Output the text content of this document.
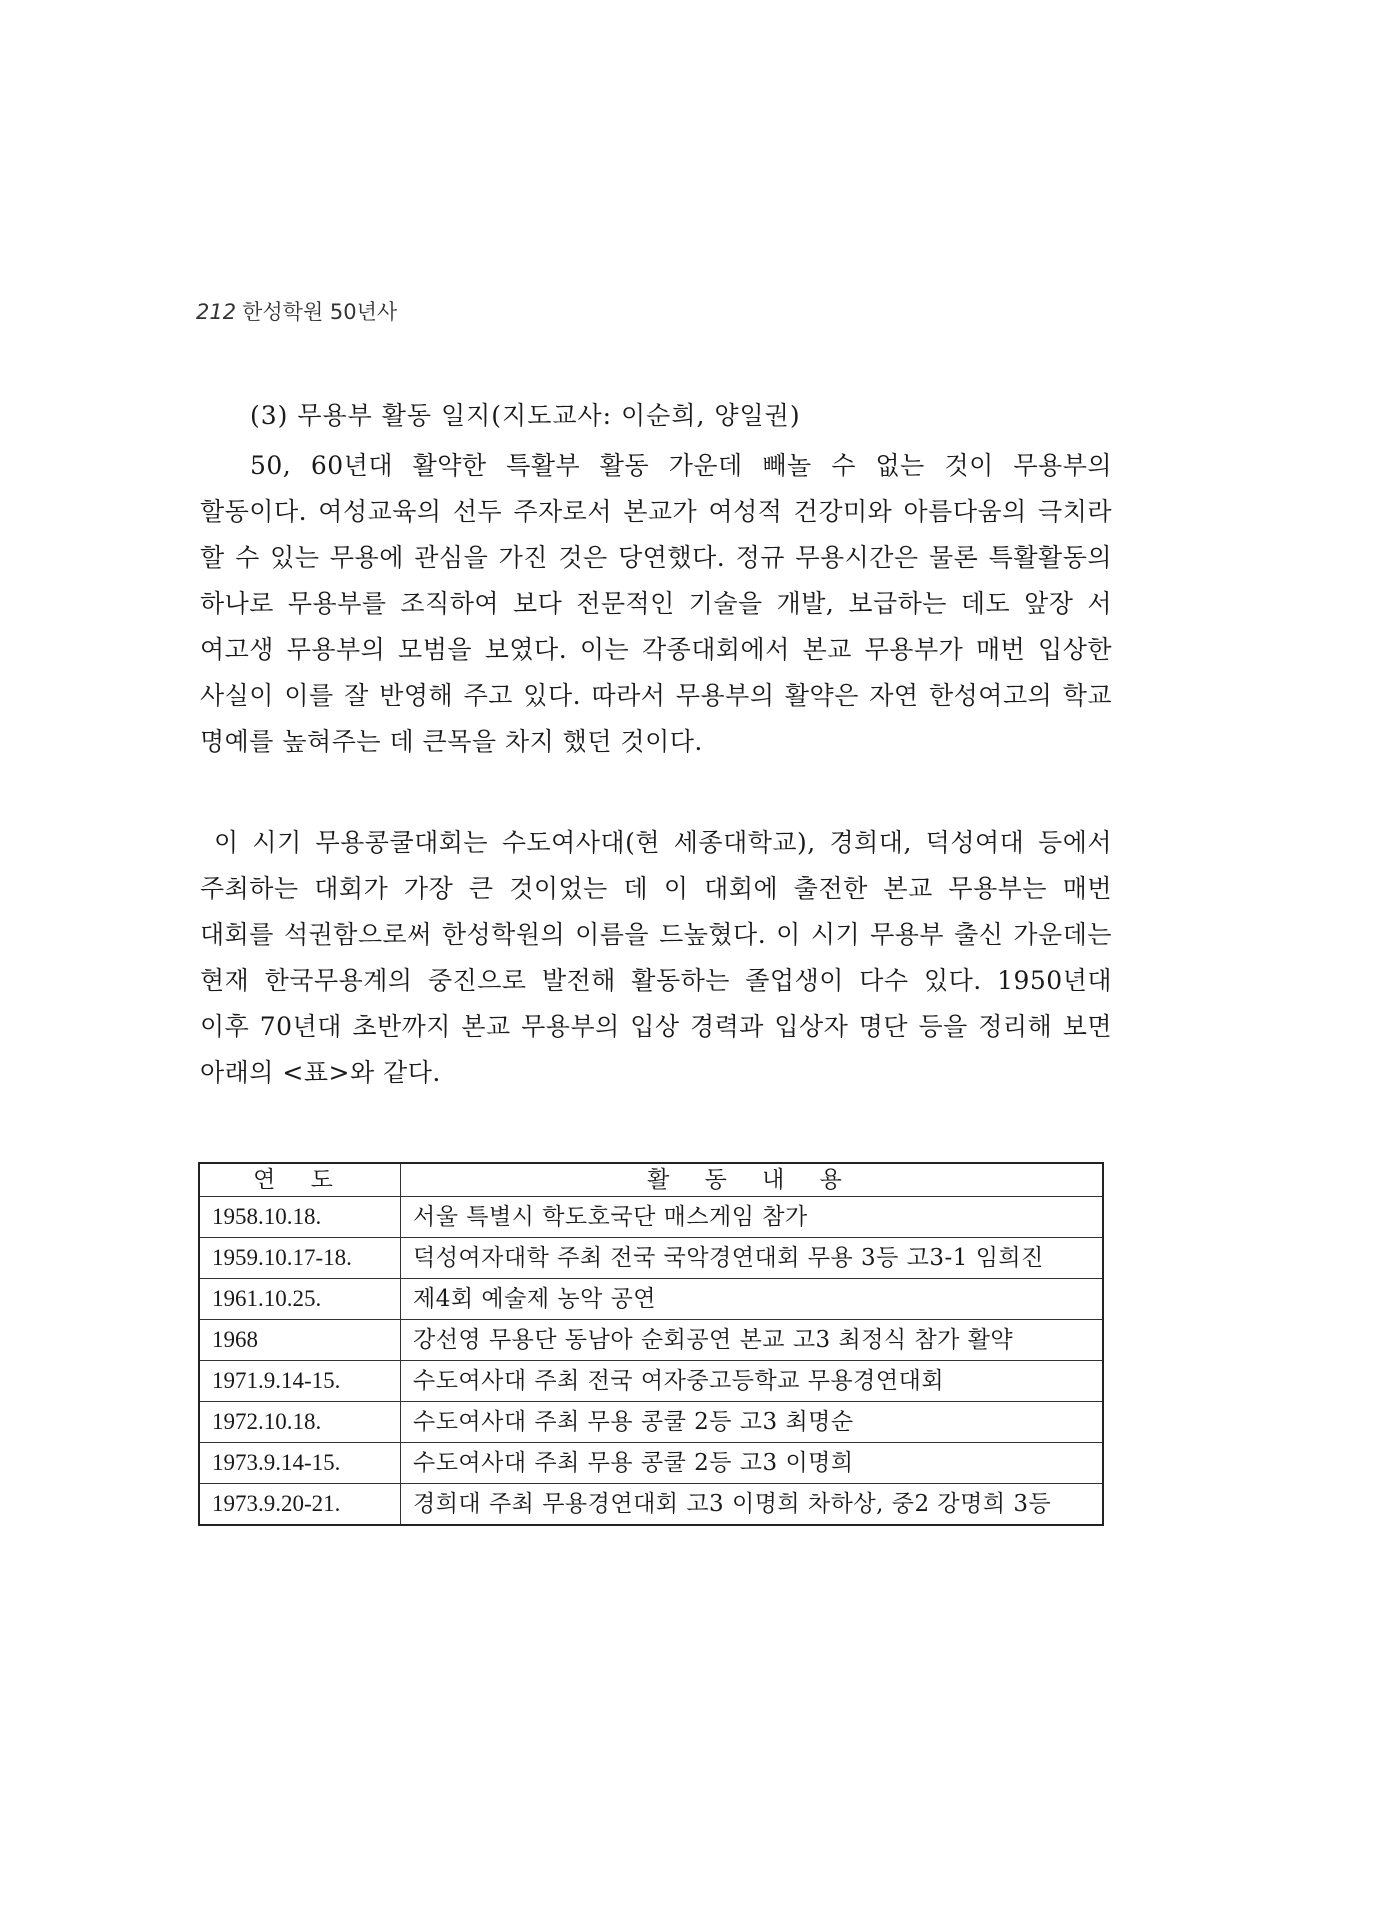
212 한성학원 50년사
(3) 무용부 활동 일지(지도교사: 이순희, 양일권)
50, 60년대 활약한 특활부 활동 가운데 빼놀 수 없는 것이 무용부의 할동이다. 여성교육의 선두 주자로서 본교가 여성적 건강미와 아름다움의 극치라 할 수 있는 무용에 관심을 가진 것은 당연했다. 정규 무용시간은 물론 특활활동의 하나로 무용부를 조직하여 보다 전문적인 기술을 개발, 보급하는 데도 앞장 서 여고생 무용부의 모범을 보였다. 이는 각종대회에서 본교 무용부가 매번 입상한 사실이 이를 잘 반영해 주고 있다. 따라서 무용부의 활약은 자연 한성여고의 학교 명예를 높혀주는 데 큰목을 차지 했던 것이다.
이 시기 무용콩쿨대회는 수도여사대(현 세종대학교), 경희대, 덕성여대 등에서 주최하는 대회가 가장 큰 것이었는 데 이 대회에 출전한 본교 무용부는 매번 대회를 석권함으로써 한성학원의 이름을 드높혔다. 이 시기 무용부 출신 가운데는 현재 한국무용계의 중진으로 발전해 활동하는 졸업생이 다수 있다. 1950년대 이후 70년대 초반까지 본교 무용부의 입상 경력과 입상자 명단 등을 정리해 보면 아래의 <표>와 같다.
연 도	활 동 내 용
1958.10.18.	서울 특별시 학도호국단 매스게임 참가
1959.10.17-18.	덕성여자대학 주최 전국 국악경연대회 무용 3등 고3-1 임희진
1961.10.25.	제4회 예술제 농악 공연
1968	강선영 무용단 동남아 순회공연 본교 고3 최정식 참가 활약
1971.9.14-15.	수도여사대 주최 전국 여자중고등학교 무용경연대회
1972.10.18.	수도여사대 주최 무용 콩쿨 2등 고3 최명순
1973.9.14-15.	수도여사대 주최 무용 콩쿨 2등 고3 이명희
1973.9.20-21.	경희대 주최 무용경연대회 고3 이명희 차하상, 중2 강명희 3등
